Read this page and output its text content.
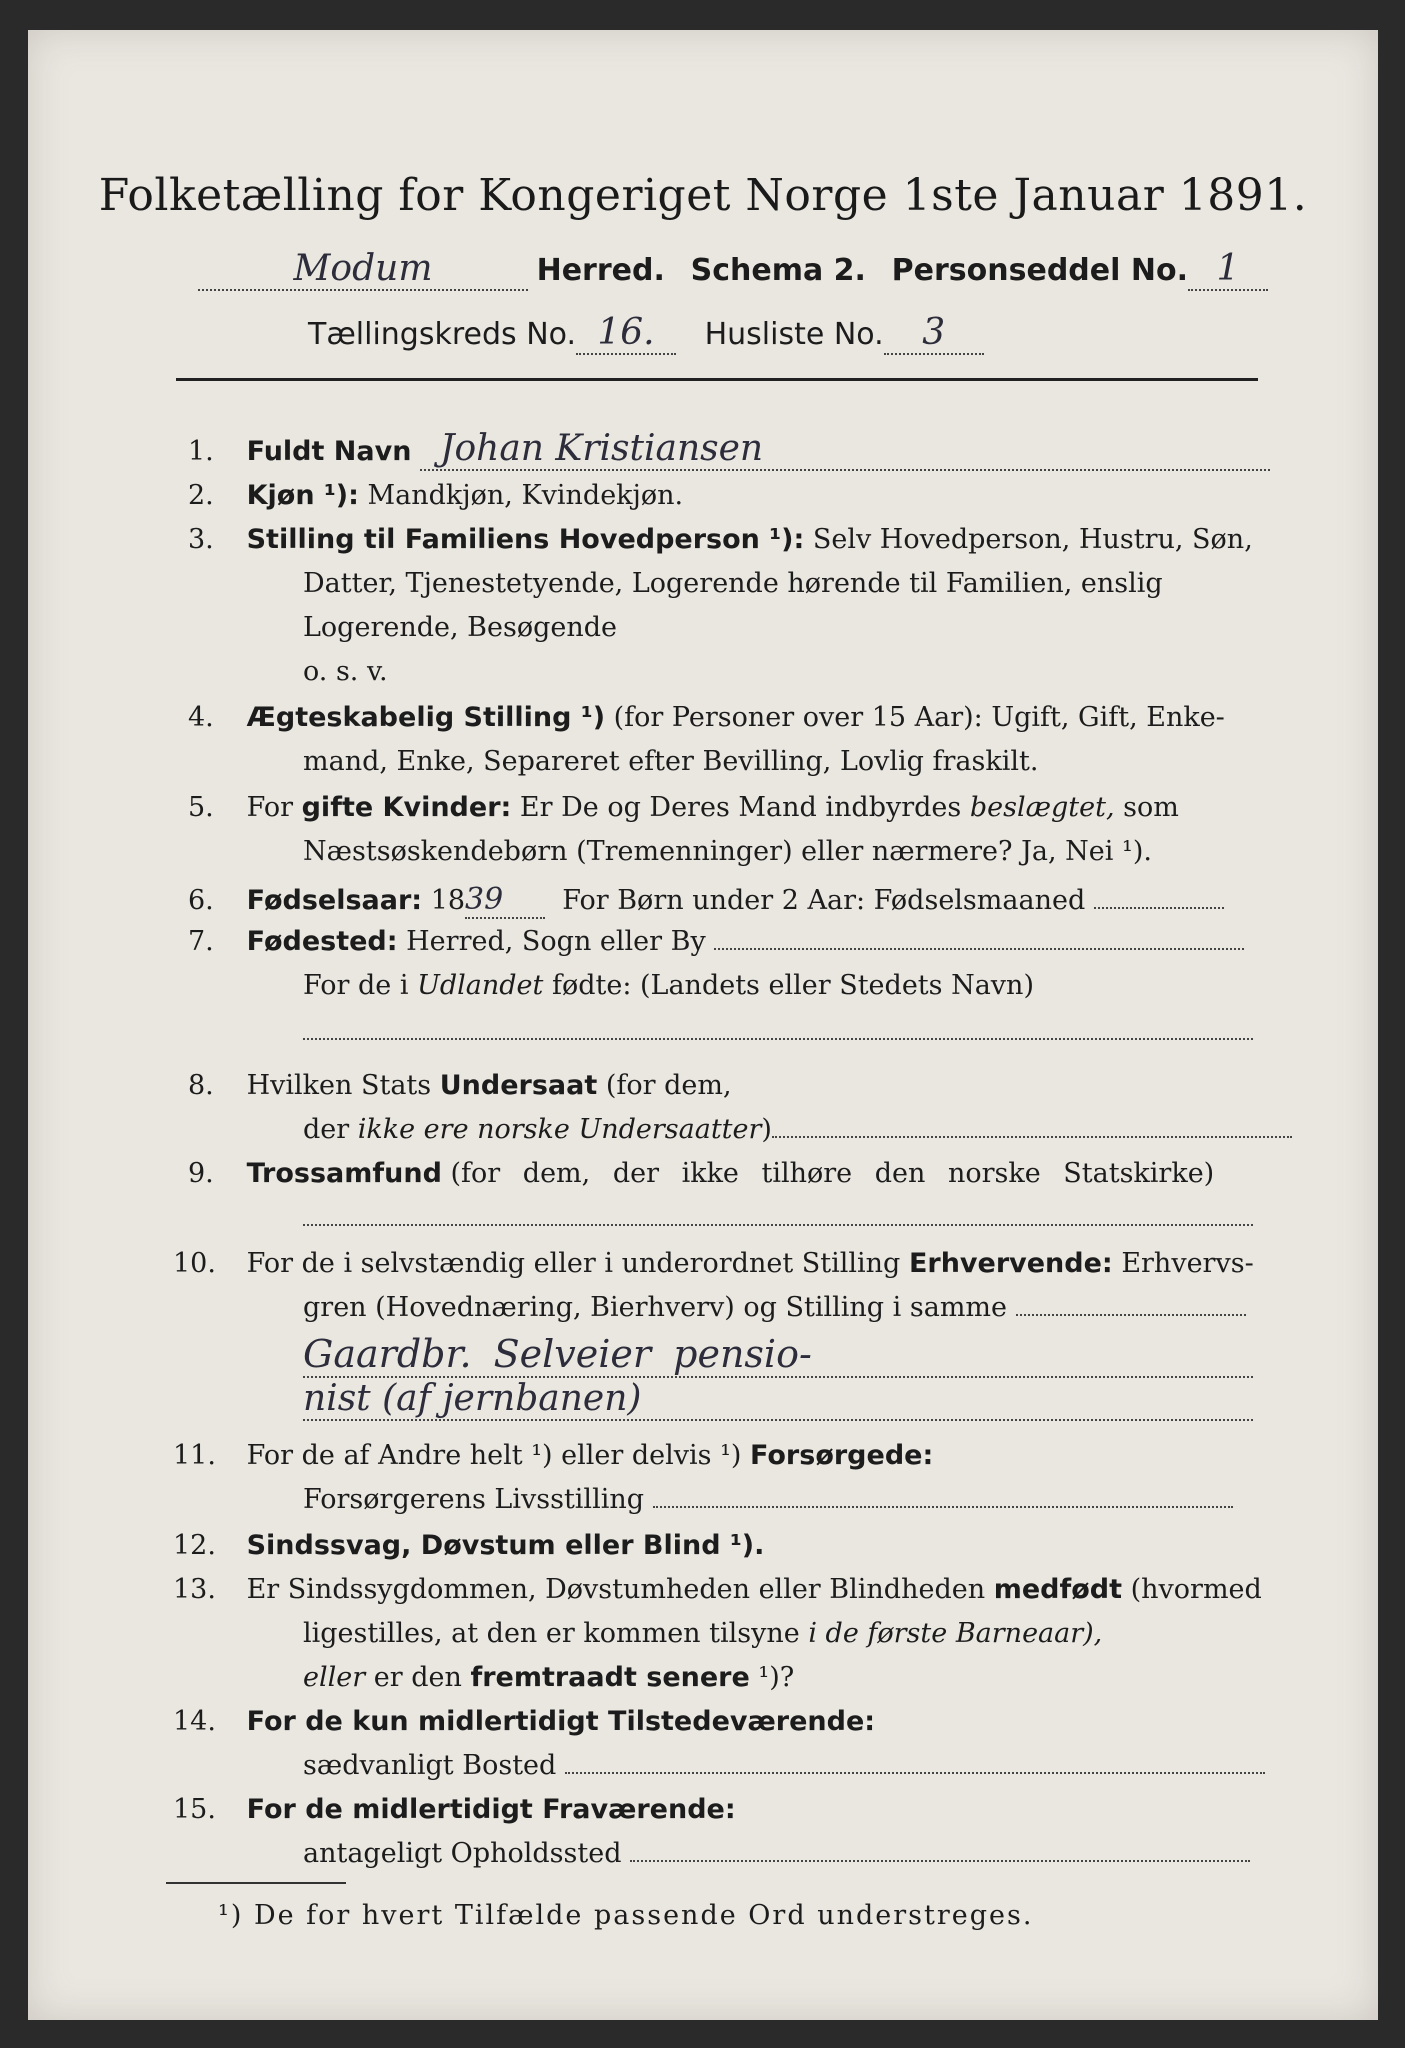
Folketælling for Kongeriget Norge 1ste Januar 1891.
Modum	Herred. Schema 2. Personseddel No. 1
Tællingskreds No. 16. Husliste No. 3
1. Fuldt Navn Johan Kristiansen
2. Kjøn ¹): Mandkjøn, Kvindekjøn.
3. Stilling til Familiens Hovedperson ¹): Selv Hovedperson, Hustru, Søn,
Datter, Tjenestetyende, Logerende hørende til Familien, enslig
Logerende, Besøgende
o. s. v.
4. Ægteskabelig Stilling ¹) (for Personer over 15 Aar): Ugift, Gift, Enke-
mand, Enke, Separeret efter Bevilling, Lovlig fraskilt.
5. For gifte Kvinder: Er De og Deres Mand indbyrdes beslægtet, som
Næstsøskendebørn (Tremenninger) eller nærmere? Ja, Nei ¹).
6. Fødselsaar: 1839 For Børn under 2 Aar: Fødselsmaaned
7. Fødested: Herred, Sogn eller By
For de i Udlandet fødte: (Landets eller Stedets Navn)
8. Hvilken Stats Undersaat (for dem,
der ikke ere norske Undersaatter)
9. Trossamfund (for dem, der ikke tilhøre den norske Statskirke)
10. For de i selvstændig eller i underordnet Stilling Erhvervende: Erhvervs-
gren (Hovednæring, Bierhverv) og Stilling i samme
Gaardbr. Selveier pensio-
nist (af jernbanen)
11. For de af Andre helt ¹) eller delvis ¹) Forsørgede:
Forsørgerens Livsstilling
12. Sindssvag, Døvstum eller Blind ¹).
13. Er Sindssygdommen, Døvstumheden eller Blindheden medfødt (hvormed
ligestilles, at den er kommen tilsyne i de første Barneaar),
eller er den fremtraadt senere ¹)?
14. For de kun midlertidigt Tilstedeværende:
sædvanligt Bosted
15. For de midlertidigt Fraværende:
antageligt Opholdssted
¹) De for hvert Tilfælde passende Ord understreges.
